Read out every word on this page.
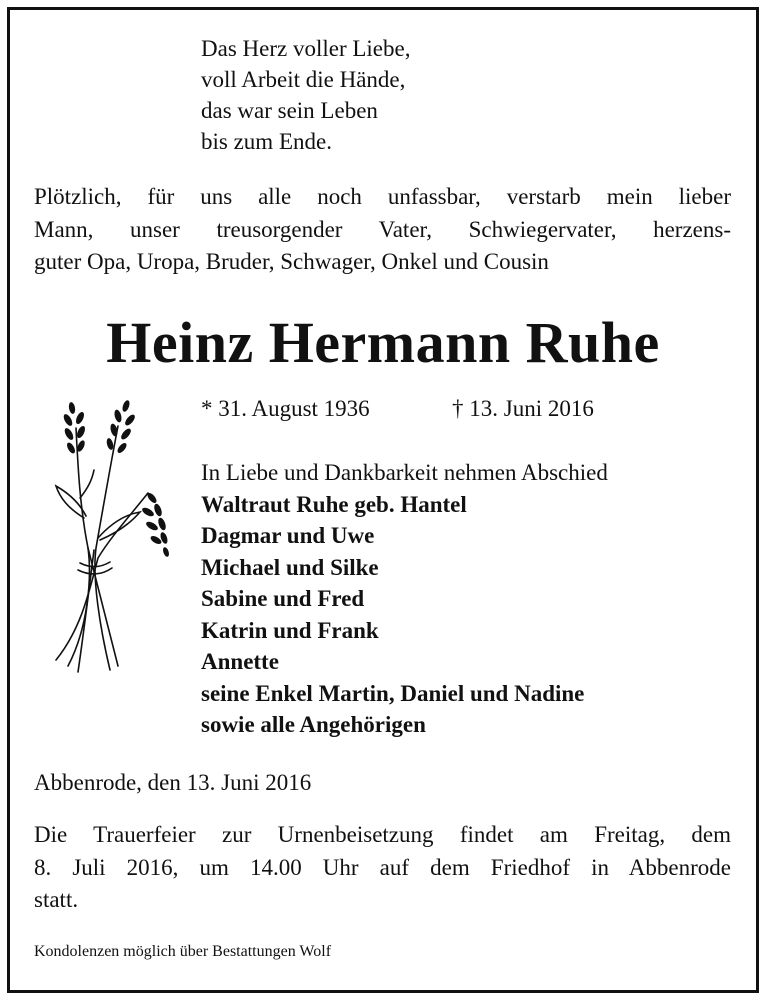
Das Herz voller Liebe,
voll Arbeit die Hände,
das war sein Leben
bis zum Ende.
Plötzlich, für uns alle noch unfassbar, verstarb mein lieber
Mann, unser treusorgender Vater, Schwiegervater, herzens-
guter Opa, Uropa, Bruder, Schwager, Onkel und Cousin
Heinz Hermann Ruhe
* 31. August 1936	† 13. Juni 2016
In Liebe und Dankbarkeit nehmen Abschied
Waltraut Ruhe geb. Hantel
Dagmar und Uwe
Michael und Silke
Sabine und Fred
Katrin und Frank
Annette
seine Enkel Martin, Daniel und Nadine
sowie alle Angehörigen
Abbenrode, den 13. Juni 2016
Die Trauerfeier zur Urnenbeisetzung findet am Freitag, dem
8. Juli 2016, um 14.00 Uhr auf dem Friedhof in Abbenrode
statt.
Kondolenzen möglich über Bestattungen Wolf
